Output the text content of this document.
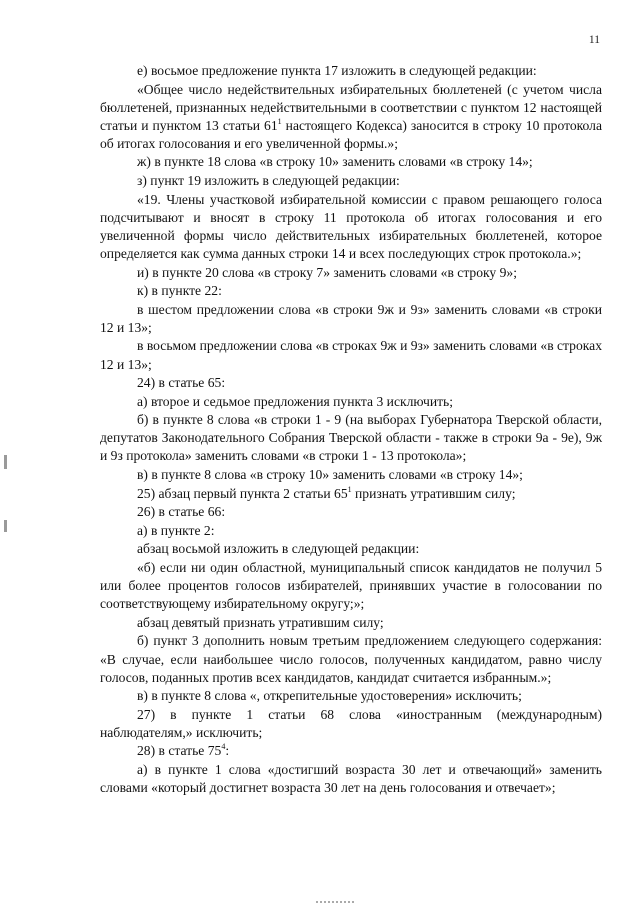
11

е) восьмое предложение пункта 17 изложить в следующей редакции:

«Общее число недействительных избирательных бюллетеней (с учетом числа бюллетеней, признанных недействительными в соответствии с пунктом 12 настоящей статьи и пунктом 13 статьи $61^1$ настоящего Кодекса) заносится в строку 10 протокола об итогах голосования и его увеличенной формы.»;

ж) в пункте 18 слова «в строку 10» заменить словами «в строку 14»;

з) пункт 19 изложить в следующей редакции:

«19. Члены участковой избирательной комиссии с правом решающего голоса подсчитывают и вносят в строку 11 протокола об итогах голосования и его увеличенной формы число действительных избирательных бюллетеней, которое определяется как сумма данных строки 14 и всех последующих строк протокола.»;

и) в пункте 20 слова «в строку 7» заменить словами «в строку 9»;

к) в пункте 22:

в шестом предложении слова «в строки 9ж и 9з» заменить словами «в строки 12 и 13»;

в восьмом предложении слова «в строках 9ж и 9з» заменить словами «в строках 12 и 13»;

24) в статье 65:

а) второе и седьмое предложения пункта 3 исключить;

б) в пункте 8 слова «в строки 1 - 9 (на выборах Губернатора Тверской области, депутатов Законодательного Собрания Тверской области - также в строки 9а - 9е), 9ж и 9з протокола» заменить словами «в строки 1 - 13 протокола»;

в) в пункте 8 слова «в строку 10» заменить словами «в строку 14»;

25) абзац первый пункта 2 статьи $65^1$ признать утратившим силу;

26) в статье 66:

а) в пункте 2:

абзац восьмой изложить в следующей редакции:

«б) если ни один областной, муниципальный список кандидатов не получил 5 или более процентов голосов избирателей, принявших участие в голосовании по соответствующему избирательному округу;»;

абзац девятый признать утратившим силу;

б) пункт 3 дополнить новым третьим предложением следующего содержания: «В случае, если наибольшее число голосов, полученных кандидатом, равно числу голосов, поданных против всех кандидатов, кандидат считается избранным.»;

в) в пункте 8 слова «, открепительные удостоверения» исключить;

27) в пункте 1 статьи 68 слова «иностранным (международным) наблюдателям,» исключить;

28) в статье $75^4$:

а) в пункте 1 слова «достигший возраста 30 лет и отвечающий» заменить словами «который достигнет возраста 30 лет на день голосования и отвечает»;
